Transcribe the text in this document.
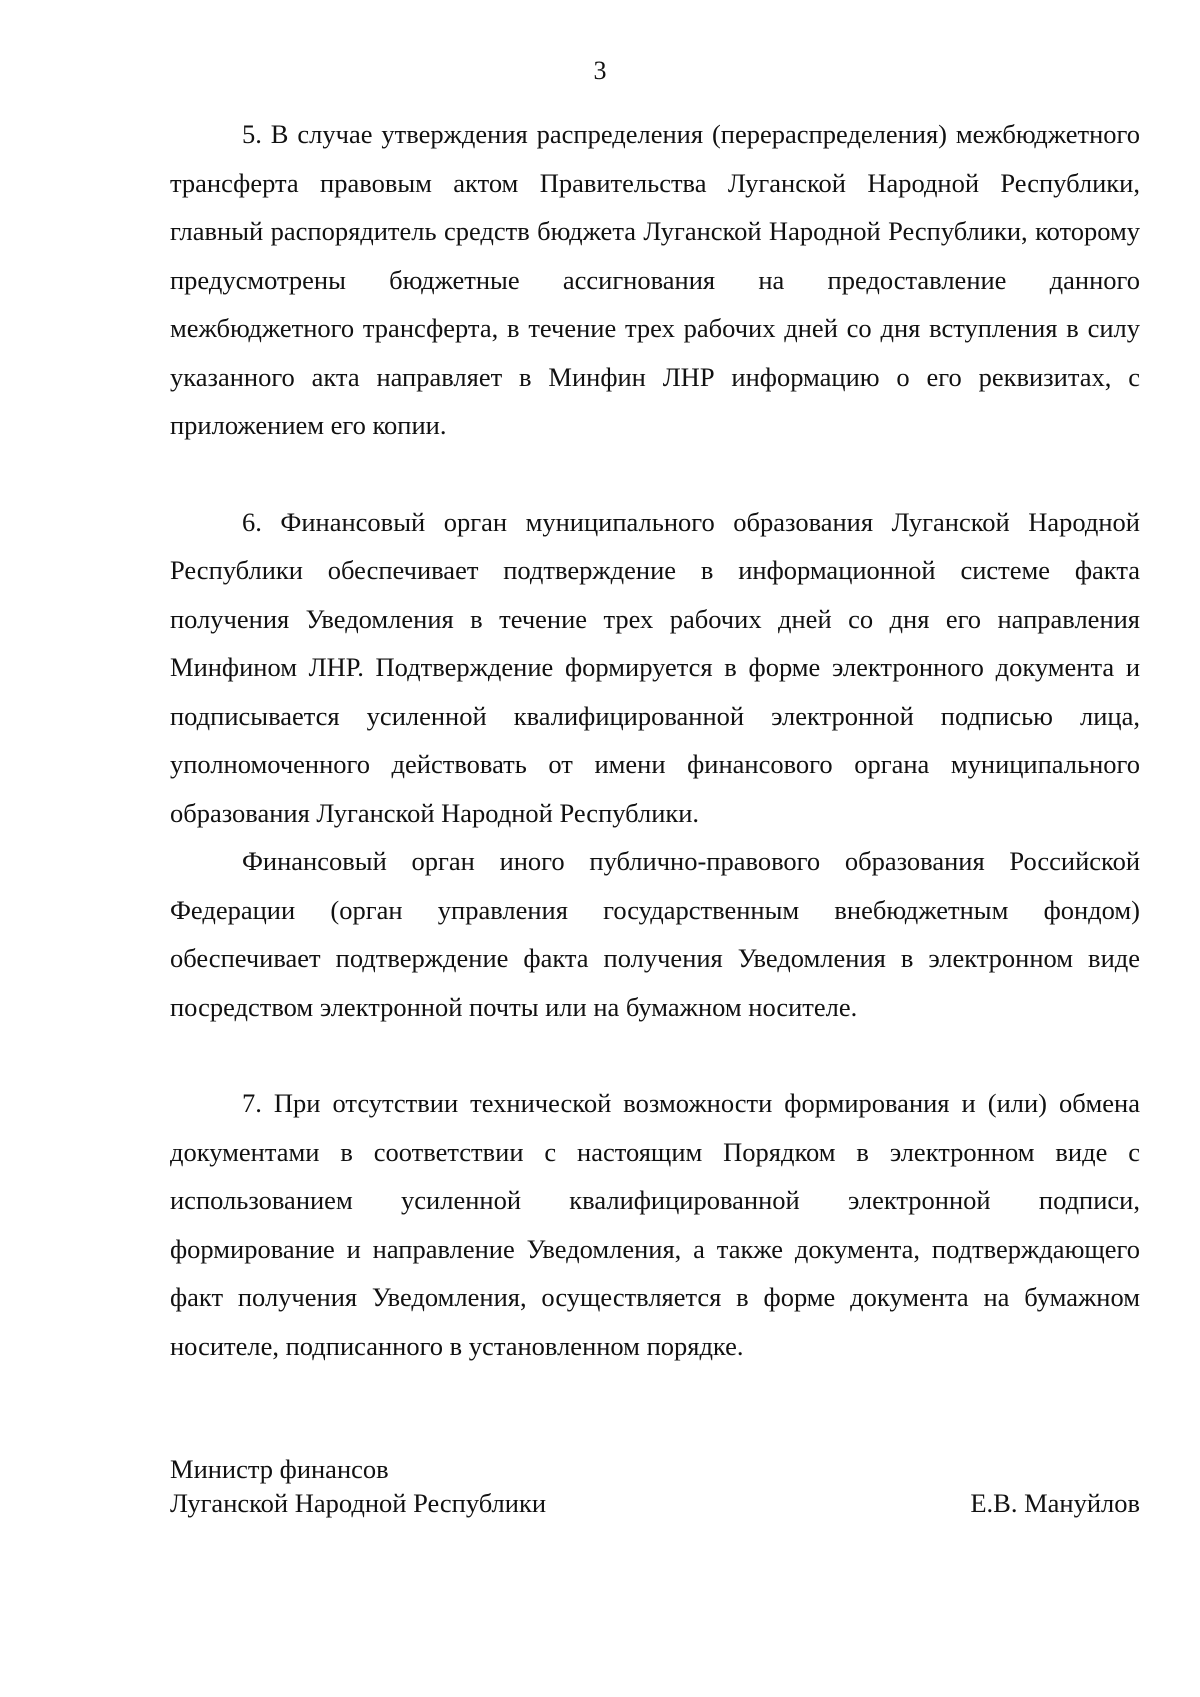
3

5. В случае утверждения распределения (перераспределения) межбюджетного трансферта правовым актом Правительства Луганской Народной Республики, главный распорядитель средств бюджета Луганской Народной Республики, которому предусмотрены бюджетные ассигнования на предоставление данного межбюджетного трансферта, в течение трех рабочих дней со дня вступления в силу указанного акта направляет в Минфин ЛНР информацию о его реквизитах, с приложением его копии.

6. Финансовый орган муниципального образования Луганской Народной Республики обеспечивает подтверждение в информационной системе факта получения Уведомления в течение трех рабочих дней со дня его направления Минфином ЛНР. Подтверждение формируется в форме электронного документа и подписывается усиленной квалифицированной электронной подписью лица, уполномоченного действовать от имени финансового органа муниципального образования Луганской Народной Республики.

Финансовый орган иного публично-правового образования Российской Федерации (орган управления государственным внебюджетным фондом) обеспечивает подтверждение факта получения Уведомления в электронном виде посредством электронной почты или на бумажном носителе.

7. При отсутствии технической возможности формирования и (или) обмена документами в соответствии с настоящим Порядком в электронном виде с использованием усиленной квалифицированной электронной подписи, формирование и направление Уведомления, а также документа, подтверждающего факт получения Уведомления, осуществляется в форме документа на бумажном носителе, подписанного в установленном порядке.

Министр финансов
Луганской Народной Республики	Е.В. Мануйлов
